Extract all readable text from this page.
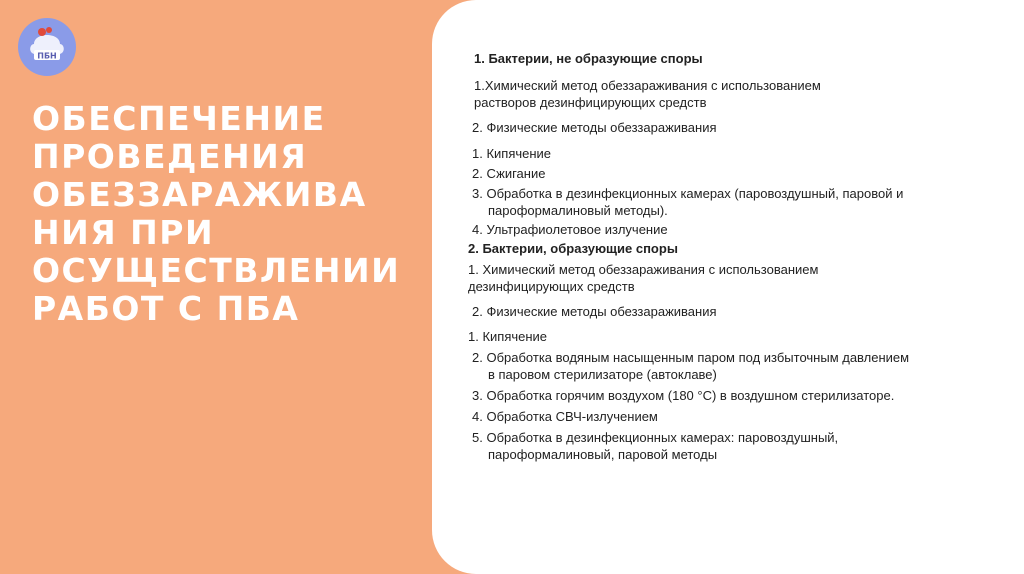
ПБН
ОБЕСПЕЧЕНИЕ
ПРОВЕДЕНИЯ
ОБЕЗЗАРАЖИВА
НИЯ ПРИ
ОСУЩЕСТВЛЕНИИ
РАБОТ С ПБА
1. Бактерии, не образующие споры
1.Химический метод обеззараживания с использованием
растворов дезинфицирующих средств
2. Физические методы обеззараживания
1. Кипячение
2. Сжигание
3. Обработка в дезинфекционных камерах (паровоздушный, паровой и
пароформалиновый методы).
4. Ультрафиолетовое излучение
2. Бактерии, образующие споры
1. Химический метод обеззараживания с использованием
дезинфицирующих средств
2. Физические методы обеззараживания
1. Кипячение
2. Обработка водяным насыщенным паром под избыточным давлением
в паровом стерилизаторе (автоклаве)
3. Обработка горячим воздухом (180 °C) в воздушном стерилизаторе.
4. Обработка СВЧ-излучением
5. Обработка в дезинфекционных камерах: паровоздушный,
пароформалиновый, паровой методы
